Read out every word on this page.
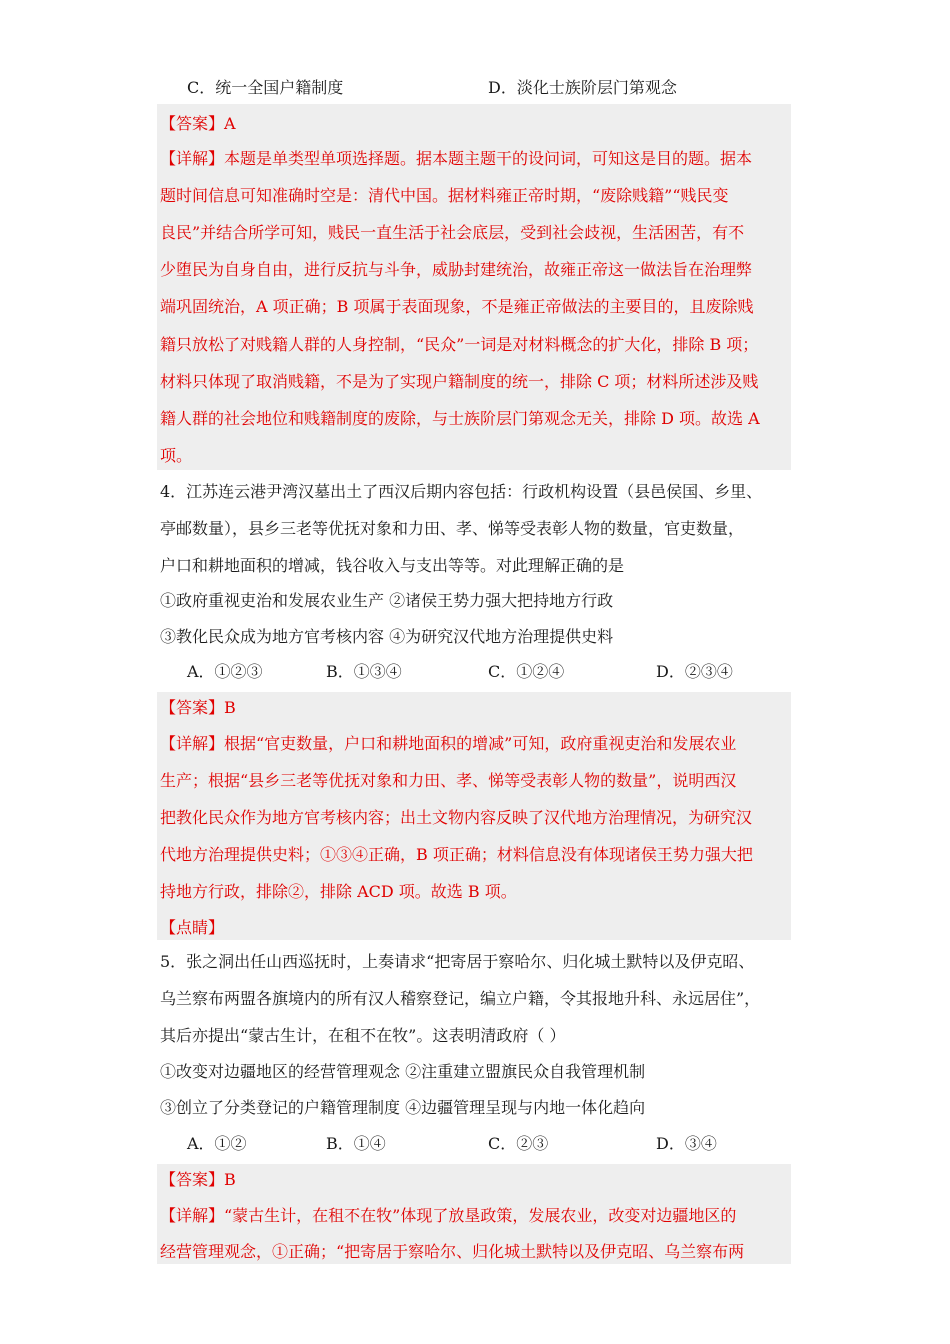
C．统一全国户籍制度	D．淡化士族阶层门第观念
【答案】A
【详解】本题是单类型单项选择题。据本题主题干的设问词，可知这是目的题。据本
题时间信息可知准确时空是：清代中国。据材料雍正帝时期，“废除贱籍”“贱民变
良民”并结合所学可知，贱民一直生活于社会底层，受到社会歧视，生活困苦，有不
少堕民为自身自由，进行反抗与斗争，威胁封建统治，故雍正帝这一做法旨在治理弊
端巩固统治，A 项正确；B 项属于表面现象，不是雍正帝做法的主要目的，且废除贱
籍只放松了对贱籍人群的人身控制，“民众”一词是对材料概念的扩大化，排除 B 项；
材料只体现了取消贱籍，不是为了实现户籍制度的统一，排除 C 项；材料所述涉及贱
籍人群的社会地位和贱籍制度的废除，与士族阶层门第观念无关，排除 D 项。故选 A
项。
4．江苏连云港尹湾汉墓出土了西汉后期内容包括：行政机构设置（县邑侯国、乡里、
亭邮数量），县乡三老等优抚对象和力田、孝、悌等受表彰人物的数量，官吏数量，
户口和耕地面积的增减，钱谷收入与支出等等。对此理解正确的是
①政府重视吏治和发展农业生产 ②诸侯王势力强大把持地方行政
③教化民众成为地方官考核内容 ④为研究汉代地方治理提供史料
A．①②③	B．①③④	C．①②④	D．②③④
【答案】B
【详解】根据“官吏数量，户口和耕地面积的增减”可知，政府重视吏治和发展农业
生产；根据“县乡三老等优抚对象和力田、孝、悌等受表彰人物的数量”，说明西汉
把教化民众作为地方官考核内容；出土文物内容反映了汉代地方治理情况，为研究汉
代地方治理提供史料；①③④正确，B 项正确；材料信息没有体现诸侯王势力强大把
持地方行政，排除②，排除 ACD 项。故选 B 项。
【点睛】
5．张之洞出任山西巡抚时，上奏请求“把寄居于察哈尔、归化城土默特以及伊克昭、
乌兰察布两盟各旗境内的所有汉人稽察登记，编立户籍，令其报地升科、永远居住”，
其后亦提出“蒙古生计，在租不在牧”。这表明清政府（ ）
①改变对边疆地区的经营管理观念 ②注重建立盟旗民众自我管理机制
③创立了分类登记的户籍管理制度 ④边疆管理呈现与内地一体化趋向
A．①②	B．①④	C．②③	D．③④
【答案】B
【详解】“蒙古生计，在租不在牧”体现了放垦政策，发展农业，改变对边疆地区的
经营管理观念，①正确；“把寄居于察哈尔、归化城土默特以及伊克昭、乌兰察布两
